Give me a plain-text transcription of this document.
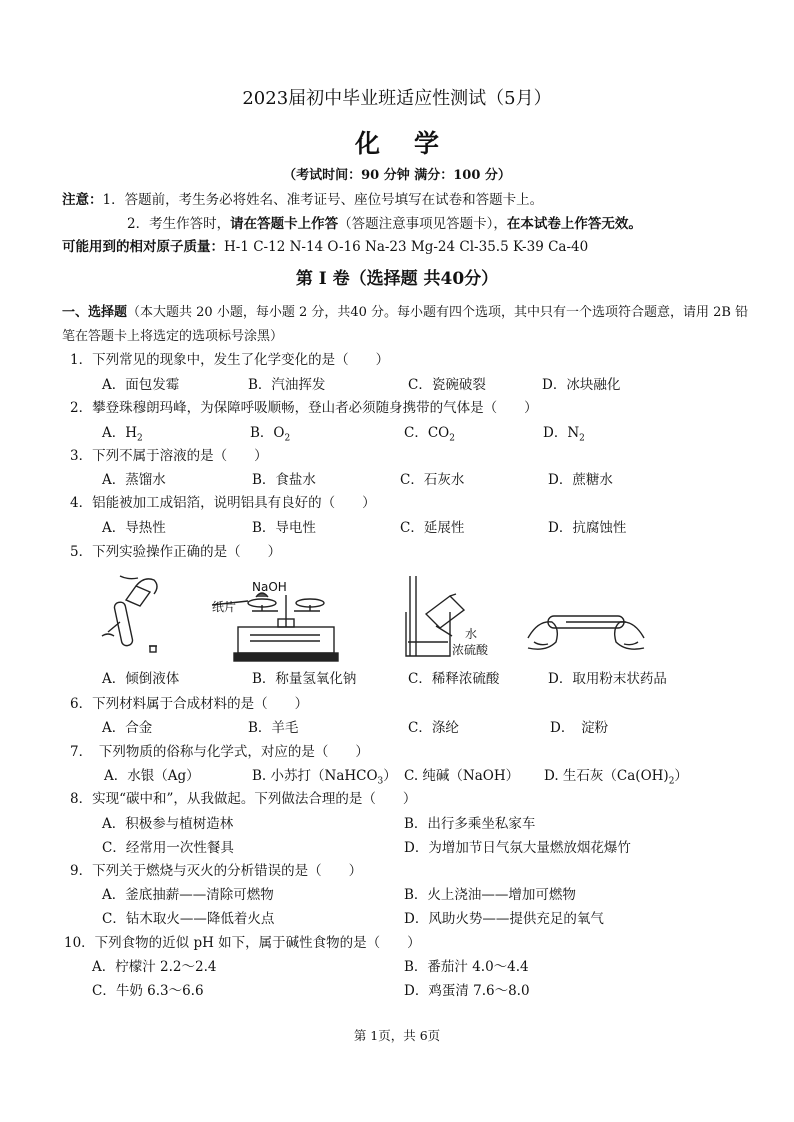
2023届初中毕业班适应性测试（5月）
化学
（考试时间：90 分钟 满分：100 分）
注意：1．答题前，考生务必将姓名、准考证号、座位号填写在试卷和答题卡上。
2．考生作答时，请在答题卡上作答（答题注意事项见答题卡），在本试卷上作答无效。
可能用到的相对原子质量：H-1 C-12 N-14 O-16 Na-23 Mg-24 Cl-35.5 K-39 Ca-40
第 I 卷（选择题 共40分）
一、选择题（本大题共 20 小题，每小题 2 分，共40 分。每小题有四个选项，其中只有一个选项符合题意，请用 2B 铅笔在答题卡上将选定的选项标号涂黑）
1．下列常见的现象中，发生了化学变化的是（　　）
A．面包发霉	B．汽油挥发	C．瓷碗破裂	D．冰块融化
2．攀登珠穆朗玛峰，为保障呼吸顺畅，登山者必须随身携带的气体是（　　）
A．$H_2$	B．$O_2$	C．$CO_2$	D．$N_2$
3．下列不属于溶液的是（　　）
A．蒸馏水	B．食盐水	C．石灰水	D．蔗糖水
4．铝能被加工成铝箔，说明铝具有良好的（　　）
A．导热性	B．导电性	C．延展性	D．抗腐蚀性
5．下列实验操作正确的是（　　）
NaOH
纸片
水
浓硫酸
A．倾倒液体	B．称量氢氧化钠	C．稀释浓硫酸	D．取用粉末状药品
6．下列材料属于合成材料的是（　　）
A．合金	B．羊毛	C．涤纶	D．　淀粉
7．　下列物质的俗称与化学式，对应的是（　　）
A．水银（Ag）	B. 小苏打（NaHCO$_3$） C. 纯碱（NaOH） D. 生石灰$(Ca(OH)_2)$
8．实现“碳中和”，从我做起。下列做法合理的是（　　）
A．积极参与植树造林	B．出行多乘坐私家车
C．经常用一次性餐具	D．为增加节日气氛大量燃放烟花爆竹
9．下列关于燃烧与灭火的分析错误的是（　　）
A．釜底抽薪——清除可燃物	B．火上浇油——增加可燃物
C．钻木取火——降低着火点	D．风助火势——提供充足的氧气
10．下列食物的近似 pH 如下，属于碱性食物的是（　　）
A．柠檬汁 2.2～2.4	B．番茄汁 4.0～4.4
C．牛奶 6.3～6.6	D．鸡蛋清 7.6～8.0
第 1页，共 6页
